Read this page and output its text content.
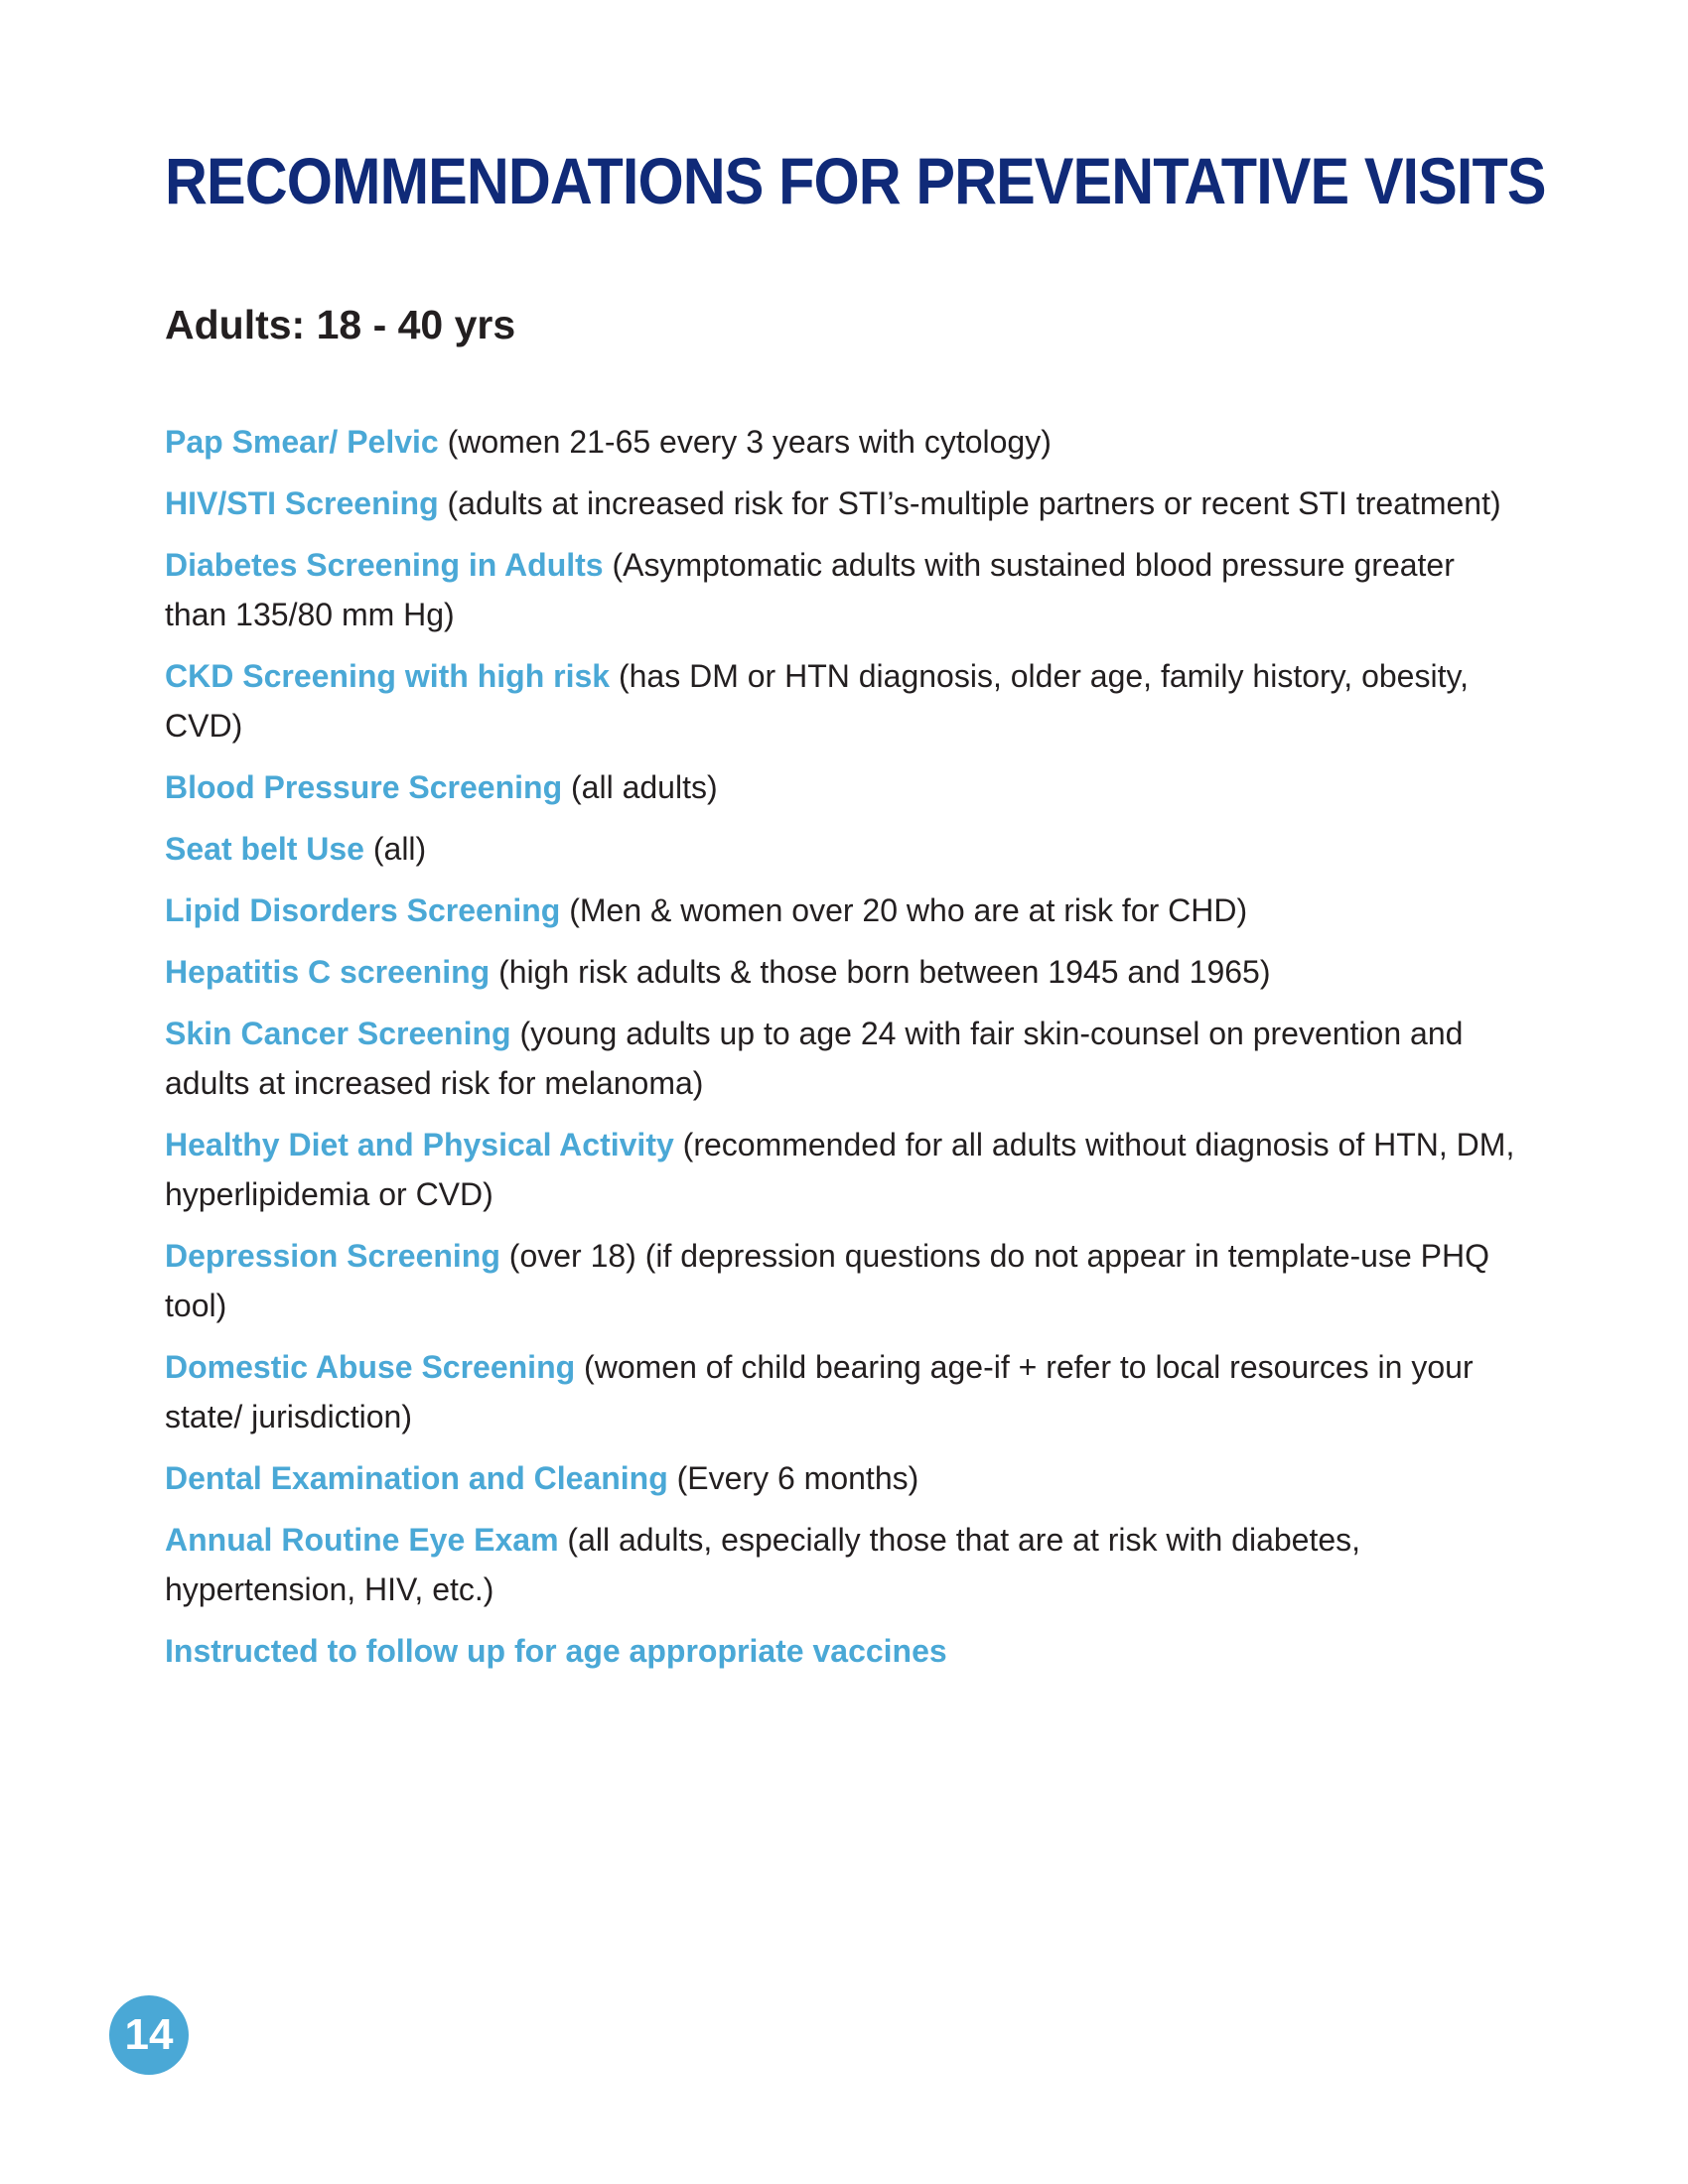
RECOMMENDATIONS FOR PREVENTATIVE VISITS
Adults: 18 - 40 yrs
Pap Smear/ Pelvic (women 21-65 every 3 years with cytology)
HIV/STI Screening (adults at increased risk for STI’s-multiple partners or recent STI treatment)
Diabetes Screening in Adults (Asymptomatic adults with sustained blood pressure greater than 135/80 mm Hg)
CKD Screening with high risk (has DM or HTN diagnosis, older age, family history, obesity, CVD)
Blood Pressure Screening (all adults)
Seat belt Use (all)
Lipid Disorders Screening (Men & women over 20 who are at risk for CHD)
Hepatitis C screening (high risk adults & those born between 1945 and 1965)
Skin Cancer Screening (young adults up to age 24 with fair skin-counsel on prevention and adults at increased risk for melanoma)
Healthy Diet and Physical Activity (recommended for all adults without diagnosis of HTN, DM, hyperlipidemia or CVD)
Depression Screening (over 18) (if depression questions do not appear in template-use PHQ tool)
Domestic Abuse Screening (women of child bearing age-if + refer to local resources in your state/ jurisdiction)
Dental Examination and Cleaning (Every 6 months)
Annual Routine Eye Exam (all adults, especially those that are at risk with diabetes, hypertension, HIV, etc.)
Instructed to follow up for age appropriate vaccines
14
